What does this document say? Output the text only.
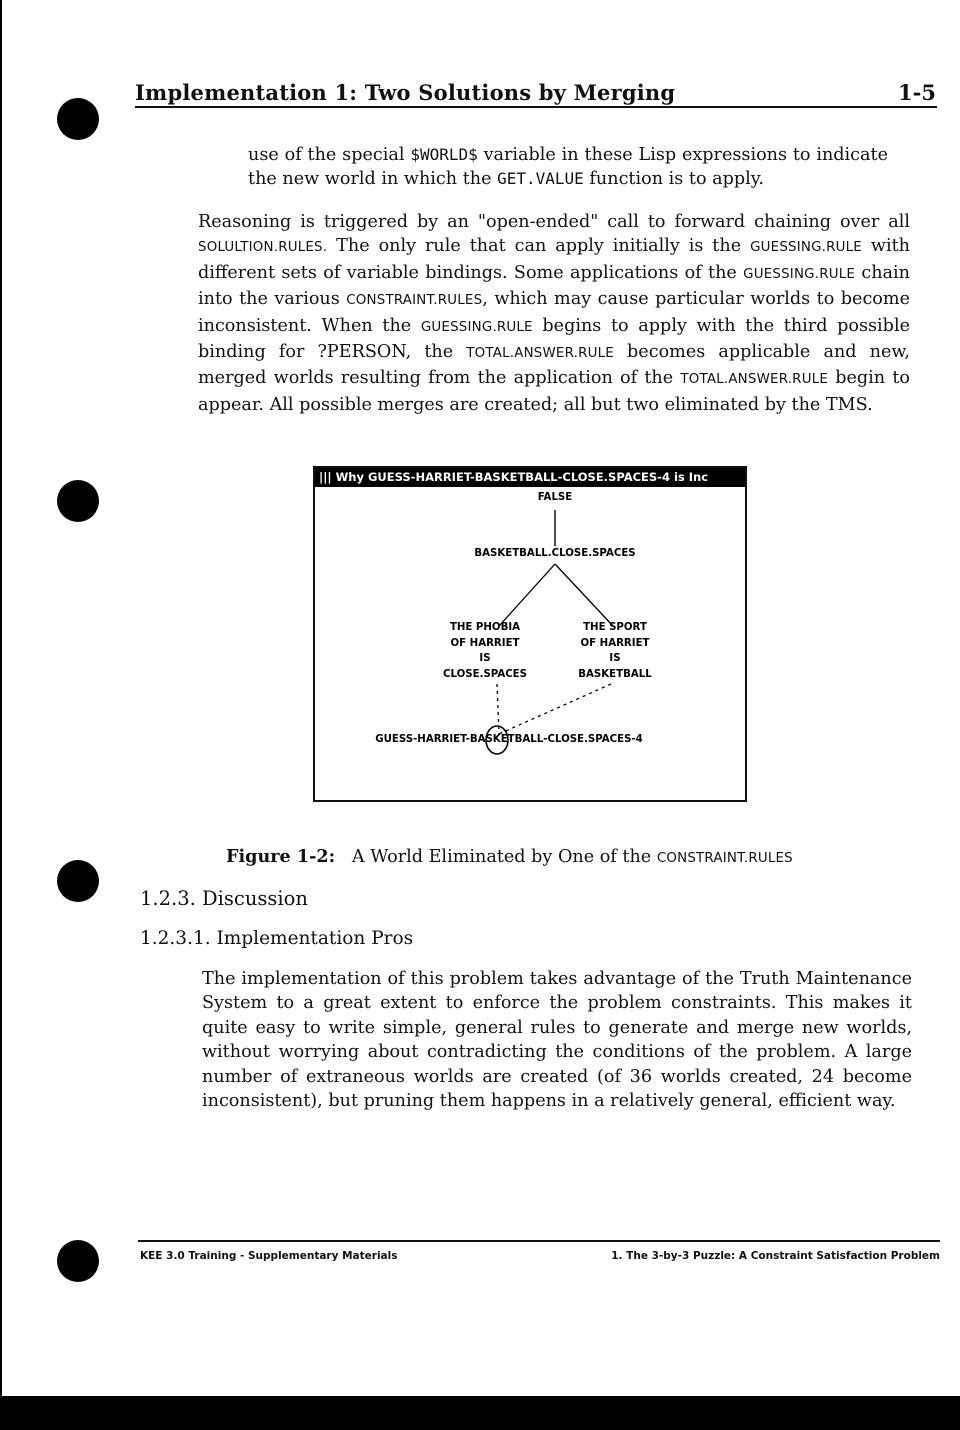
Implementation 1: Two Solutions by Merging	1-5
use of the special $WORLD$ variable in these Lisp expressions to indicate the new world in which the GET.VALUE function is to apply.
Reasoning is triggered by an "open-ended" call to forward chaining over all SOLULTION.RULES. The only rule that can apply initially is the GUESSING.RULE with different sets of variable bindings. Some applications of the GUESSING.RULE chain into the various CONSTRAINT.RULES, which may cause particular worlds to become inconsistent. When the GUESSING.RULE begins to apply with the third possible binding for ?PERSON, the TOTAL.ANSWER.RULE becomes applicable and new, merged worlds resulting from the application of the TOTAL.ANSWER.RULE begin to appear. All possible merges are created; all but two eliminated by the TMS.
||| Why GUESS-HARRIET-BASKETBALL-CLOSE.SPACES-4 is Inc
FALSE
BASKETBALL.CLOSE.SPACES
THE PHOBIA
OF HARRIET
IS
CLOSE.SPACES
THE SPORT
OF HARRIET
IS
BASKETBALL
GUESS-HARRIET-BASKETBALL-CLOSE.SPACES-4
Figure 1-2: A World Eliminated by One of the CONSTRAINT.RULES
1.2.3. Discussion
1.2.3.1. Implementation Pros
The implementation of this problem takes advantage of the Truth Maintenance System to a great extent to enforce the problem constraints. This makes it quite easy to write simple, general rules to generate and merge new worlds, without worrying about contradicting the conditions of the problem. A large number of extraneous worlds are created (of 36 worlds created, 24 become inconsistent), but pruning them happens in a relatively general, efficient way.
KEE 3.0 Training - Supplementary Materials	1. The 3-by-3 Puzzle: A Constraint Satisfaction Problem
